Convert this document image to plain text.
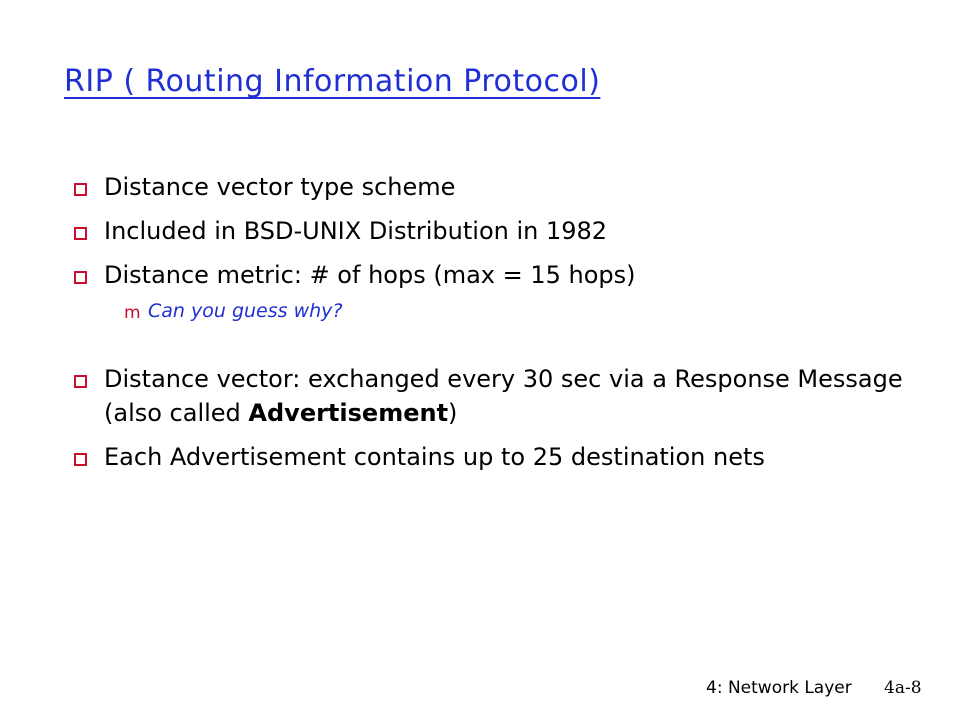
RIP ( Routing Information Protocol)
Distance vector type scheme
Included in BSD-UNIX Distribution in 1982
Distance metric: # of hops (max = 15 hops)
m Can you guess why?
Distance vector: exchanged every 30 sec via a Response Message (also called Advertisement)
Each Advertisement contains up to 25 destination nets
4: Network Layer 4a-8
